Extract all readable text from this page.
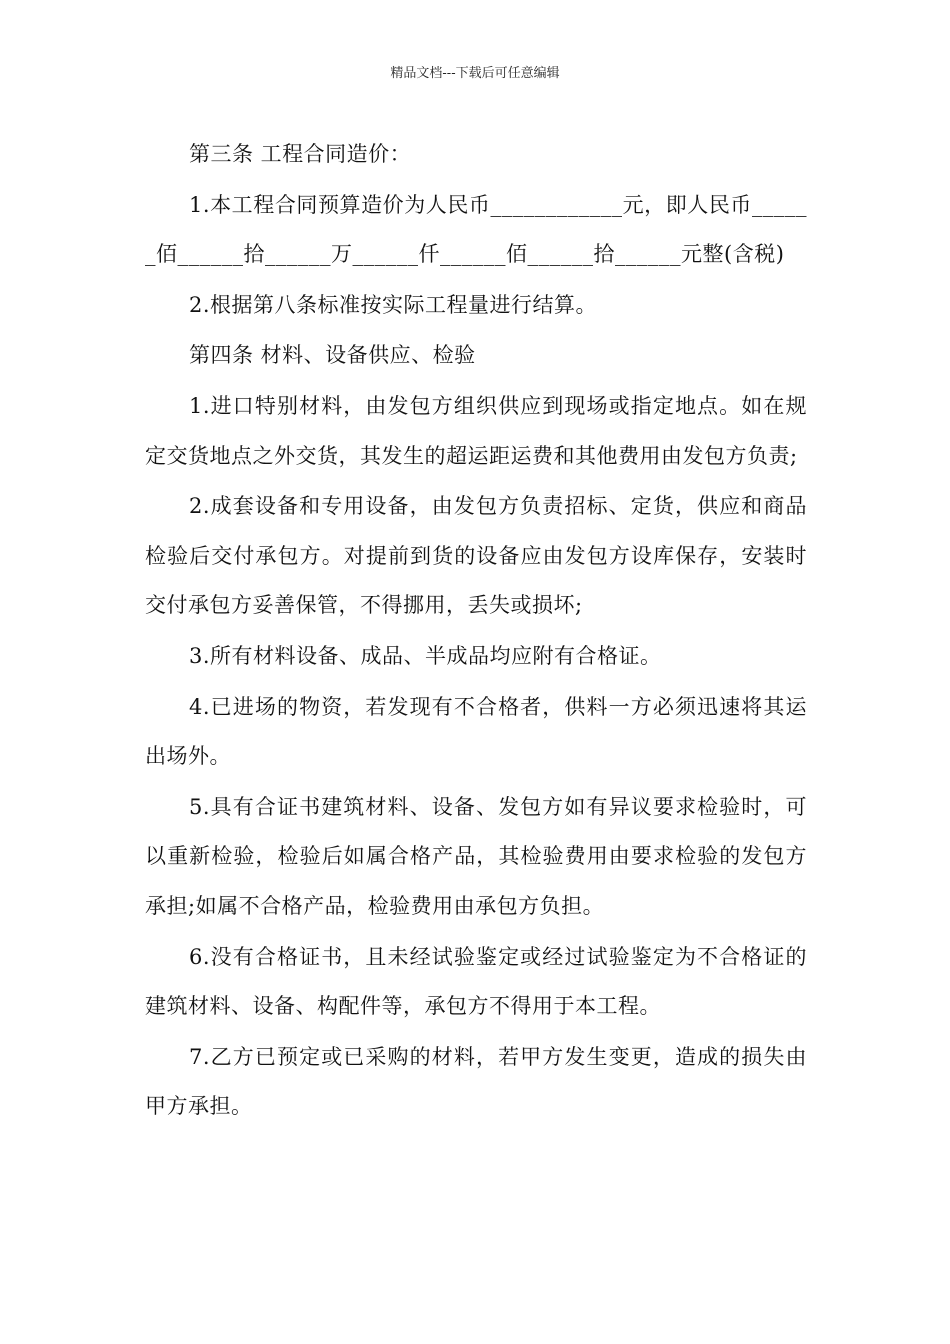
精品文档---下载后可任意编辑

第三条 工程合同造价：

1.本工程合同预算造价为人民币____________元，即人民币______佰______拾______万______仟______佰______拾______元整(含税)

2.根据第八条标准按实际工程量进行结算。

第四条 材料、设备供应、检验

1.进口特别材料，由发包方组织供应到现场或指定地点。如在规定交货地点之外交货，其发生的超运距运费和其他费用由发包方负责;

2.成套设备和专用设备，由发包方负责招标、定货，供应和商品检验后交付承包方。对提前到货的设备应由发包方设库保存，安装时交付承包方妥善保管，不得挪用，丢失或损坏;

3.所有材料设备、成品、半成品均应附有合格证。

4.已进场的物资，若发现有不合格者，供料一方必须迅速将其运出场外。

5.具有合证书建筑材料、设备、发包方如有异议要求检验时，可以重新检验，检验后如属合格产品，其检验费用由要求检验的发包方承担;如属不合格产品，检验费用由承包方负担。

6.没有合格证书，且未经试验鉴定或经过试验鉴定为不合格证的建筑材料、设备、构配件等，承包方不得用于本工程。

7.乙方已预定或已采购的材料，若甲方发生变更，造成的损失由甲方承担。
